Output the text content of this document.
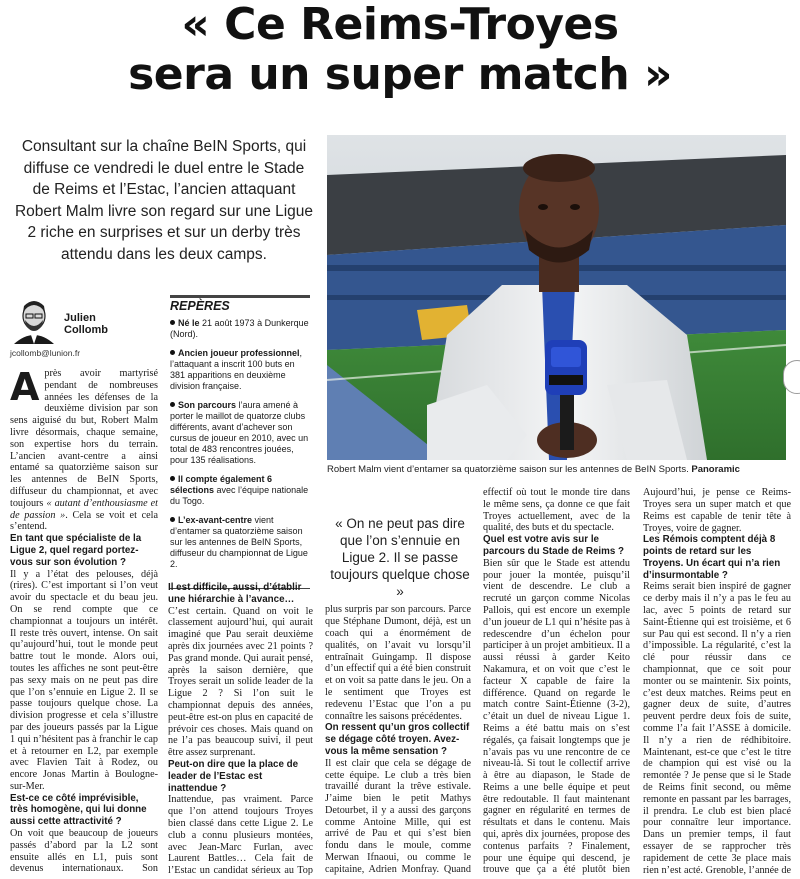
« Ce Reims-Troyes
sera un super match »
Consultant sur la chaîne BeIN Sports, qui diffuse ce vendredi le duel entre le Stade de Reims et l’Estac, l’ancien attaquant Robert Malm livre son regard sur une Ligue 2 riche en surprises et sur un derby très attendu dans les deux camps.
Robert Malm vient d’entamer sa quatorzième saison sur les antennes de BeIN Sports. Panoramic
Julien
Collomb
jcollomb@lunion.fr
REPÈRES
Né le 21 août 1973 à Dunkerque (Nord).
Ancien joueur professionnel, l’attaquant a inscrit 100 buts en 381 apparitions en deuxième division française.
Son parcours l’aura amené à porter le maillot de quatorze clubs différents, avant d’achever son cursus de joueur en 2010, avec un total de 483 rencontres jouées, pour 135 réalisations.
Il compte également 6 sélections avec l’équipe nationale du Togo.
L’ex-avant-centre vient d’entamer sa quatorzième saison sur les antennes de BeIN Sports, diffuseur du championnat de Ligue 2.

Après avoir martyrisé pendant de nombreuses années les défenses de la deuxième division par son sens aiguisé du but, Robert Malm livre désormais, chaque semaine, son expertise hors du terrain. L’ancien avant-centre a ainsi entamé sa quatorzième saison sur les antennes de BeIN Sports, diffuseur du championnat, et avec toujours « autant d’enthousiasme et de passion ». Cela se voit et cela s’entend.

En tant que spécialiste de la Ligue 2, quel regard portez-vous sur son évolution ?

Il y a l’état des pelouses, déjà (rires). C’est important si l’on veut avoir du spectacle et du beau jeu. On se rend compte que ce championnat a toujours un intérêt. Il reste très ouvert, intense. On sait qu’aujourd’hui, tout le monde peut battre tout le monde. Alors oui, toutes les affiches ne sont peut-être pas sexy mais on ne peut pas dire que l’on s’ennuie en Ligue 2. Il se passe toujours quelque chose. La division progresse et cela s’illustre par des joueurs passés par la Ligue 1 qui n’hésitent pas à franchir le cap et à retourner en L2, par exemple avec Flavien Tait à Rodez, ou encore Jonas Martin à Boulogne-sur-Mer.

Est-ce ce côté imprévisible, très homogène, qui lui donne aussi cette attractivité ?

On voit que beaucoup de joueurs passés d’abord par la L2 sont ensuite allés en L1, puis sont devenus internationaux. Son

Il est difficile, aussi, d’établir une hiérarchie à l’avance…

C’est certain. Quand on voit le classement aujourd’hui, qui aurait imaginé que Pau serait deuxième après dix journées avec 21 points ? Pas grand monde. Qui aurait pensé, après la saison dernière, que Troyes serait un solide leader de la Ligue 2 ? Si l’on suit le championnat depuis des années, peut-être est-on plus en capacité de prévoir ces choses. Mais quand on ne l’a pas beaucoup suivi, il peut être assez surprenant.

Peut-on dire que la place de leader de l’Estac est inattendue ?

Inattendue, pas vraiment. Parce que l’on attend toujours Troyes bien classé dans cette Ligue 2. Le club a connu plusieurs montées, avec Jean-Marc Furlan, avec Laurent Battles… Cela fait de l’Estac un candidat sérieux au Top

« On ne peut pas dire que l’on s’ennuie en Ligue 2. Il se passe toujours quelque chose »

plus surpris par son parcours. Parce que Stéphane Dumont, déjà, est un coach qui a énormément de qualités, on l’avait vu lorsqu’il entraînait Guingamp. Il dispose d’un effectif qui a été bien construit et on voit sa patte dans le jeu. On a le sentiment que Troyes est redevenu l’Estac que l’on a pu connaître les saisons précédentes.

On ressent qu’un gros collectif se dégage côté troyen. Avez-vous la même sensation ?

Il est clair que cela se dégage de cette équipe. Le club a très bien travaillé durant la trêve estivale. J’aime bien le petit Mathys Detourbet, il y a aussi des garçons comme Antoine Mille, qui est arrivé de Pau et qui s’est bien fondu dans le moule, comme Merwan Ifnaoui, ou comme le capitaine, Adrien Monfray. Quand

effectif où tout le monde tire dans le même sens, ça donne ce que fait Troyes actuellement, avec de la qualité, des buts et du spectacle.

Quel est votre avis sur le parcours du Stade de Reims ?

Bien sûr que le Stade est attendu pour jouer la montée, puisqu’il vient de descendre. Le club a recruté un garçon comme Nicolas Pallois, qui est encore un exemple d’un joueur de L1 qui n’hésite pas à redescendre d’un échelon pour participer à un projet ambitieux. Il a aussi réussi à garder Keito Nakamura, et on voit que c’est le facteur X capable de faire la différence. Quand on regarde le match contre Saint-Étienne (3-2), c’était un duel de niveau Ligue 1. Reims a été battu mais on s’est régalés, ça faisait longtemps que je n’avais pas vu une rencontre de ce niveau-là. Si tout le collectif arrive à être au diapason, le Stade de Reims a une belle équipe et peut être redoutable. Il faut maintenant gagner en régularité en termes de résultats et dans le contenu. Mais qui, après dix journées, propose des contenus parfaits ? Finalement, pour une équipe qui descend, je trouve que ça a été plutôt bien

Aujourd’hui, je pense ce Reims-Troyes sera un super match et que Reims est capable de tenir tête à Troyes, voire de gagner.

Les Rémois comptent déjà 8 points de retard sur les Troyens. Un écart qui n’a rien d’insurmontable ?

Reims serait bien inspiré de gagner ce derby mais il n’y a pas le feu au lac, avec 5 points de retard sur Saint-Étienne qui est troisième, et 6 sur Pau qui est second. Il n’y a rien d’impossible. La régularité, c’est la clé pour réussir dans ce championnat, que ce soit pour monter ou se maintenir. Six points, c’est deux matches. Reims peut en gagner deux de suite, d’autres peuvent perdre deux fois de suite, comme l’a fait l’ASSE à domicile. Il n’y a rien de rédhibitoire. Maintenant, est-ce que c’est le titre de champion qui est visé ou la remontée ? Je pense que si le Stade de Reims finit second, ou même remonte en passant par les barrages, il prendra. Le club est bien placé pour connaître leur importance. Dans un premier temps, il faut essayer de se rapprocher très rapidement de cette 3e place mais rien n’est acté. Grenoble, l’année de
